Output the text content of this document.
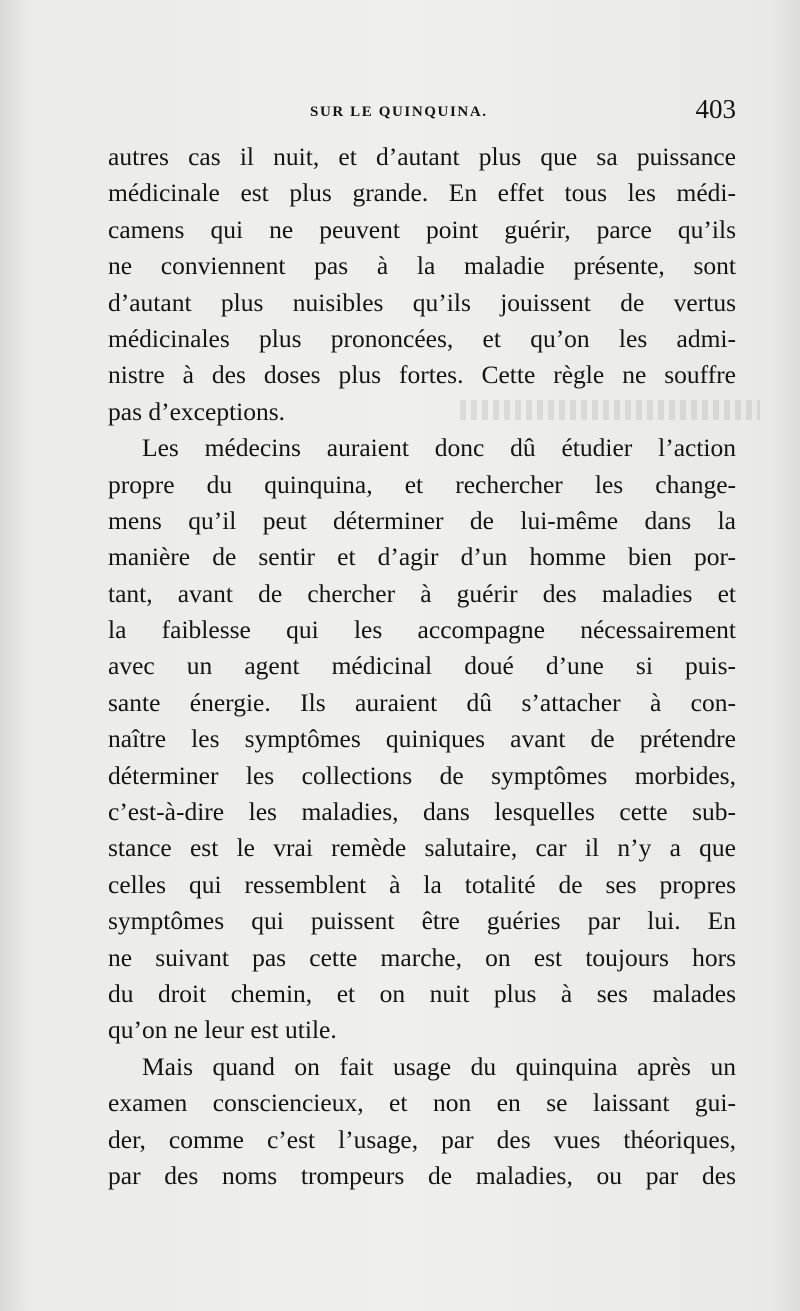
SUR LE QUINQUINA.	403
autres cas il nuit, et d’autant plus que sa puissance
médicinale est plus grande. En effet tous les médi-
camens qui ne peuvent point guérir, parce qu’ils
ne conviennent pas à la maladie présente, sont
d’autant plus nuisibles qu’ils jouissent de vertus
médicinales plus prononcées, et qu’on les admi-
nistre à des doses plus fortes. Cette règle ne souffre
pas d’exceptions.
Les médecins auraient donc dû étudier l’action
propre du quinquina, et rechercher les change-
mens qu’il peut déterminer de lui-même dans la
manière de sentir et d’agir d’un homme bien por-
tant, avant de chercher à guérir des maladies et
la faiblesse qui les accompagne nécessairement
avec un agent médicinal doué d’une si puis-
sante énergie. Ils auraient dû s’attacher à con-
naître les symptômes quiniques avant de prétendre
déterminer les collections de symptômes morbides,
c’est-à-dire les maladies, dans lesquelles cette sub-
stance est le vrai remède salutaire, car il n’y a que
celles qui ressemblent à la totalité de ses propres
symptômes qui puissent être guéries par lui. En
ne suivant pas cette marche, on est toujours hors
du droit chemin, et on nuit plus à ses malades
qu’on ne leur est utile.
Mais quand on fait usage du quinquina après un
examen consciencieux, et non en se laissant gui-
der, comme c’est l’usage, par des vues théoriques,
par des noms trompeurs de maladies, ou par des
